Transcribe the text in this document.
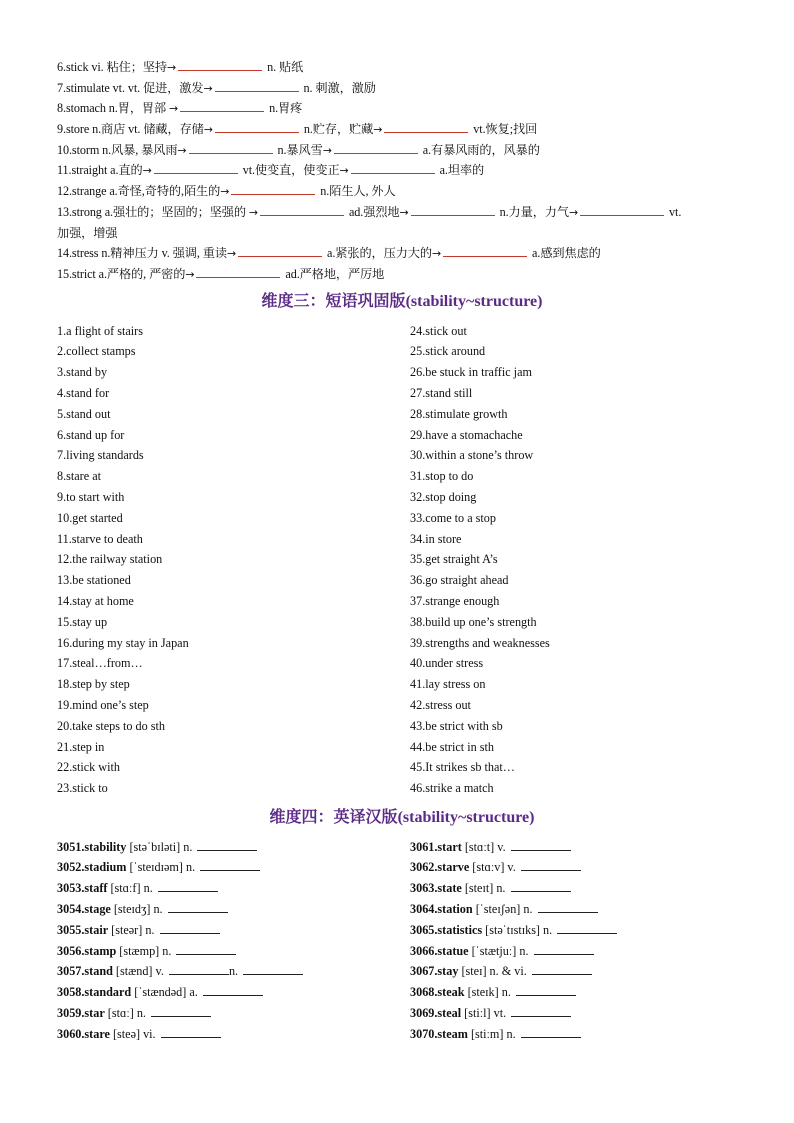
6.stick vi. 粘住；坚持→	n. 贴纸
7.stimulate vt. vt. 促进，激发→	n. 刺激，激励
8.stomach n.胃，胃部 →	n.胃疼
9.store n.商店 vt. 储藏，存储→	n.贮存，贮藏→	vt.恢复;找回
10.storm n.风暴, 暴风雨→	n.暴风雪→	a.有暴风雨的，风暴的
11.straight a.直的→	vt.使变直，使变正→	a.坦率的
12.strange a.奇怪,奇特的,陌生的→	n.陌生人, 外人
13.strong a.强壮的；坚固的；坚强的 →	ad.强烈地→	n.力量，力气→	vt.
加强，增强
14.stress n.精神压力 v. 强调, 重读→	a.紧张的，压力大的→	a.感到焦虑的
15.strict a.严格的, 严密的→	ad.严格地，严厉地
维度三：短语巩固版(stability~structure)
1.a flight of stairs
2.collect stamps
3.stand by
4.stand for
5.stand out
6.stand up for
7.living standards
8.stare at
9.to start with
10.get started
11.starve to death
12.the railway station
13.be stationed
14.stay at home
15.stay up
16.during my stay in Japan
17.steal…from…
18.step by step
19.mind one’s step
20.take steps to do sth
21.step in
22.stick with
23.stick to
24.stick out
25.stick around
26.be stuck in traffic jam
27.stand still
28.stimulate growth
29.have a stomachache
30.within a stone’s throw
31.stop to do
32.stop doing
33.come to a stop
34.in store
35.get straight A’s
36.go straight ahead
37.strange enough
38.build up one’s strength
39.strengths and weaknesses
40.under stress
41.lay stress on
42.stress out
43.be strict with sb
44.be strict in sth
45.It strikes sb that…
46.strike a match
维度四：英译汉版(stability~structure)
3051.stability [stəˈbɪləti] n.
3052.stadium [ˈsteɪdɪəm] n.
3053.staff [stɑːf] n.
3054.stage [steɪdʒ] n.
3055.stair [steər] n.
3056.stamp [stæmp] n.
3057.stand [stænd] v.	n.
3058.standard [ˈstændəd] a.
3059.star [stɑː] n.
3060.stare [steə] vi.
3061.start [stɑːt] v.
3062.starve [stɑːv] v.
3063.state [steɪt] n.
3064.station [ˈsteɪʃən] n.
3065.statistics [stəˈtɪstɪks] n.
3066.statue [ˈstætjuː] n.
3067.stay [steɪ] n. & vi.
3068.steak [steɪk] n.
3069.steal [stiːl] vt.
3070.steam [stiːm] n.
